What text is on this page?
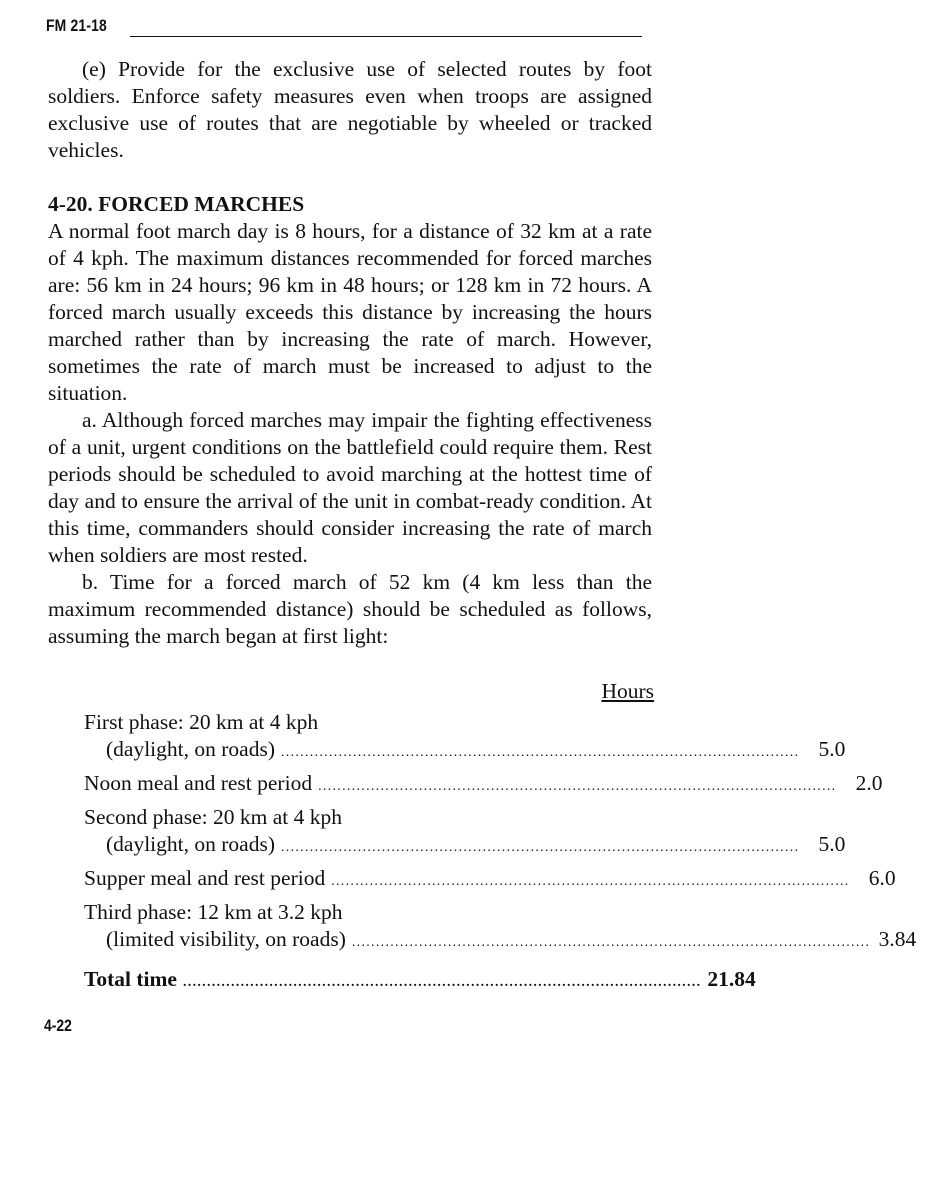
FM 21-18

(e) Provide for the exclusive use of selected routes by foot soldiers. Enforce safety measures even when troops are assigned exclusive use of routes that are negotiable by wheeled or tracked vehicles.

4-20. FORCED MARCHES

A normal foot march day is 8 hours, for a distance of 32 km at a rate of 4 kph. The maximum distances recommended for forced marches are: 56 km in 24 hours; 96 km in 48 hours; or 128 km in 72 hours. A forced march usually exceeds this distance by increasing the hours marched rather than by increasing the rate of march. However, sometimes the rate of march must be increased to adjust to the situation.

a. Although forced marches may impair the fighting effectiveness of a unit, urgent conditions on the battlefield could require them. Rest periods should be scheduled to avoid marching at the hottest time of day and to ensure the arrival of the unit in combat-ready condition. At this time, commanders should consider increasing the rate of march when soldiers are most rested.

b. Time for a forced march of 52 km (4 km less than the maximum recommended distance) should be scheduled as follows, assuming the march began at first light:

Hours
First phase: 20 km at 4 kph
(daylight, on roads) ............................................................................................................ 5.0
Noon meal and rest period ............................................................................................................ 2.0
Second phase: 20 km at 4 kph
(daylight, on roads) ............................................................................................................ 5.0
Supper meal and rest period ............................................................................................................ 6.0
Third phase: 12 km at 3.2 kph
(limited visibility, on roads) ............................................................................................................ 3.84
Total time ............................................................................................................ 21.84
4-22
